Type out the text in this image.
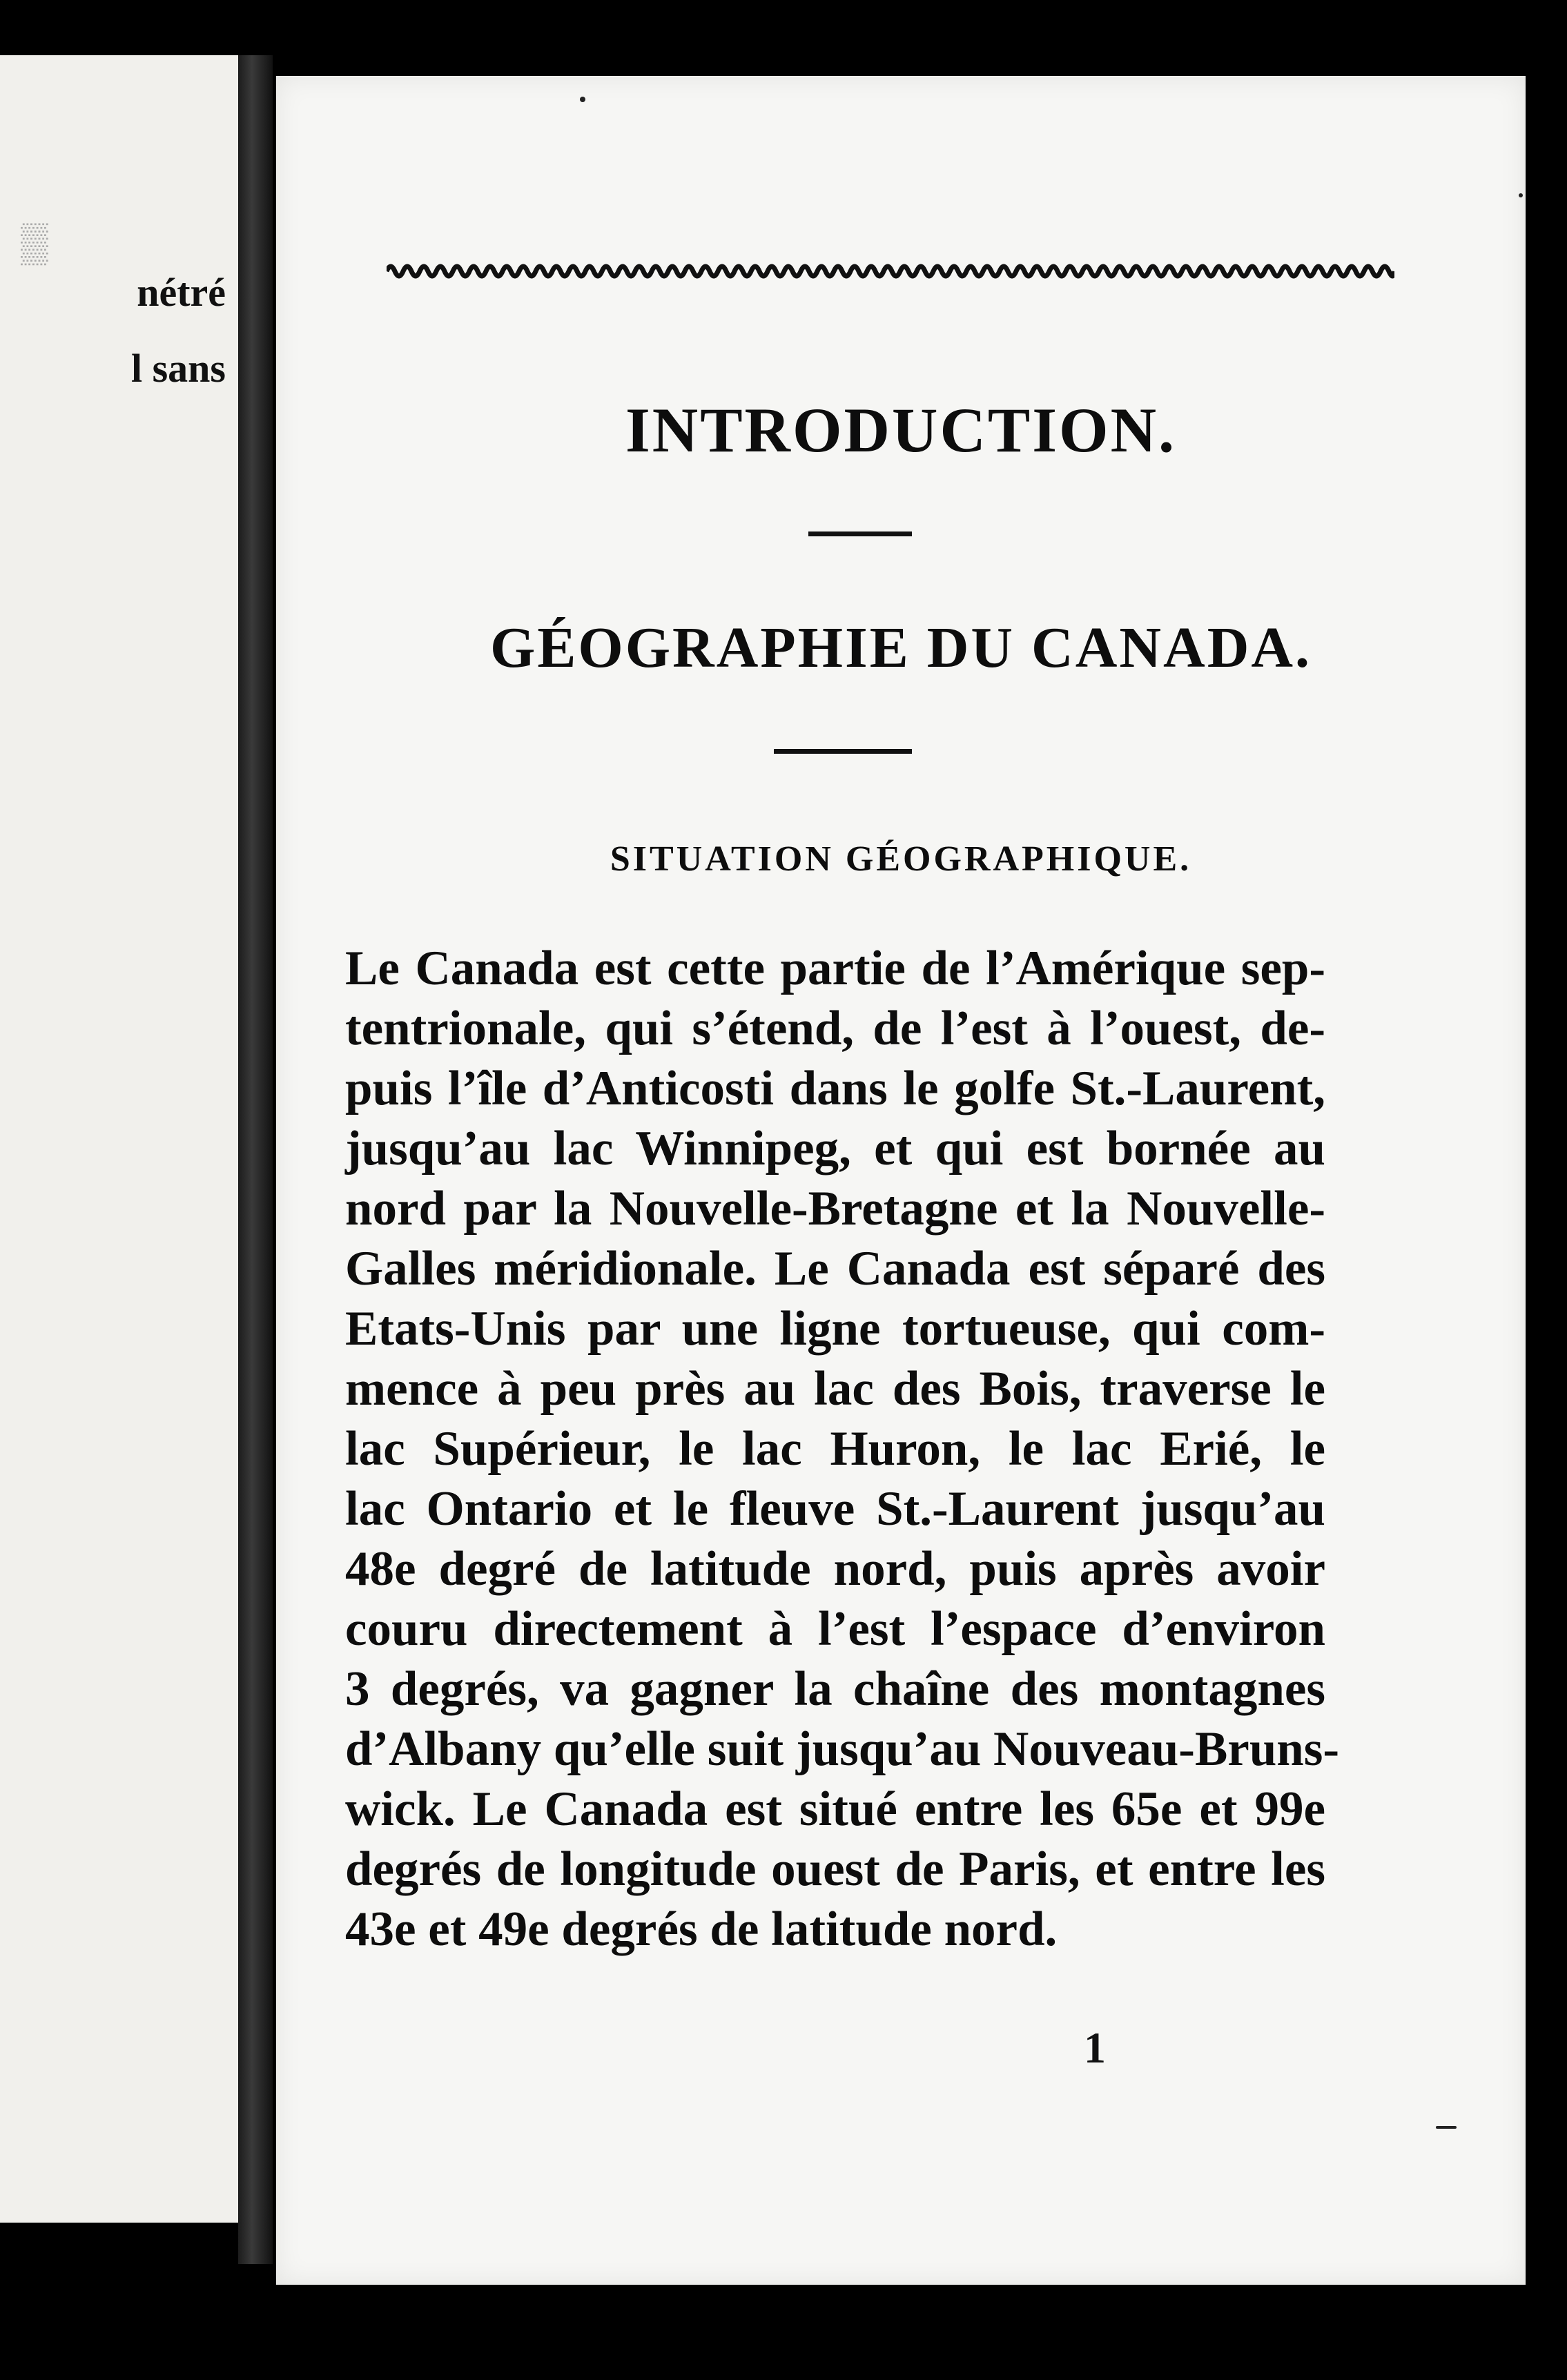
▒
nétré
l sans

INTRODUCTION.
GÉOGRAPHIE DU CANADA.
SITUATION GÉOGRAPHIQUE.
Le Canada est cette partie de l’Amérique sep-
tentrionale, qui s’étend, de l’est à l’ouest, de-
puis l’île d’Anticosti dans le golfe St.-Laurent,
jusqu’au lac Winnipeg, et qui est bornée au
nord par la Nouvelle-Bretagne et la Nouvelle-
Galles méridionale. Le Canada est séparé des
Etats-Unis par une ligne tortueuse, qui com-
mence à peu près au lac des Bois, traverse le
lac Supérieur, le lac Huron, le lac Erié, le
lac Ontario et le fleuve St.-Laurent jusqu’au
48e degré de latitude nord, puis après avoir
couru directement à l’est l’espace d’environ
3 degrés, va gagner la chaîne des montagnes
d’Albany qu’elle suit jusqu’au Nouveau-Bruns-
wick. Le Canada est situé entre les 65e et 99e
degrés de longitude ouest de Paris, et entre les
43e et 49e degrés de latitude nord.
1
